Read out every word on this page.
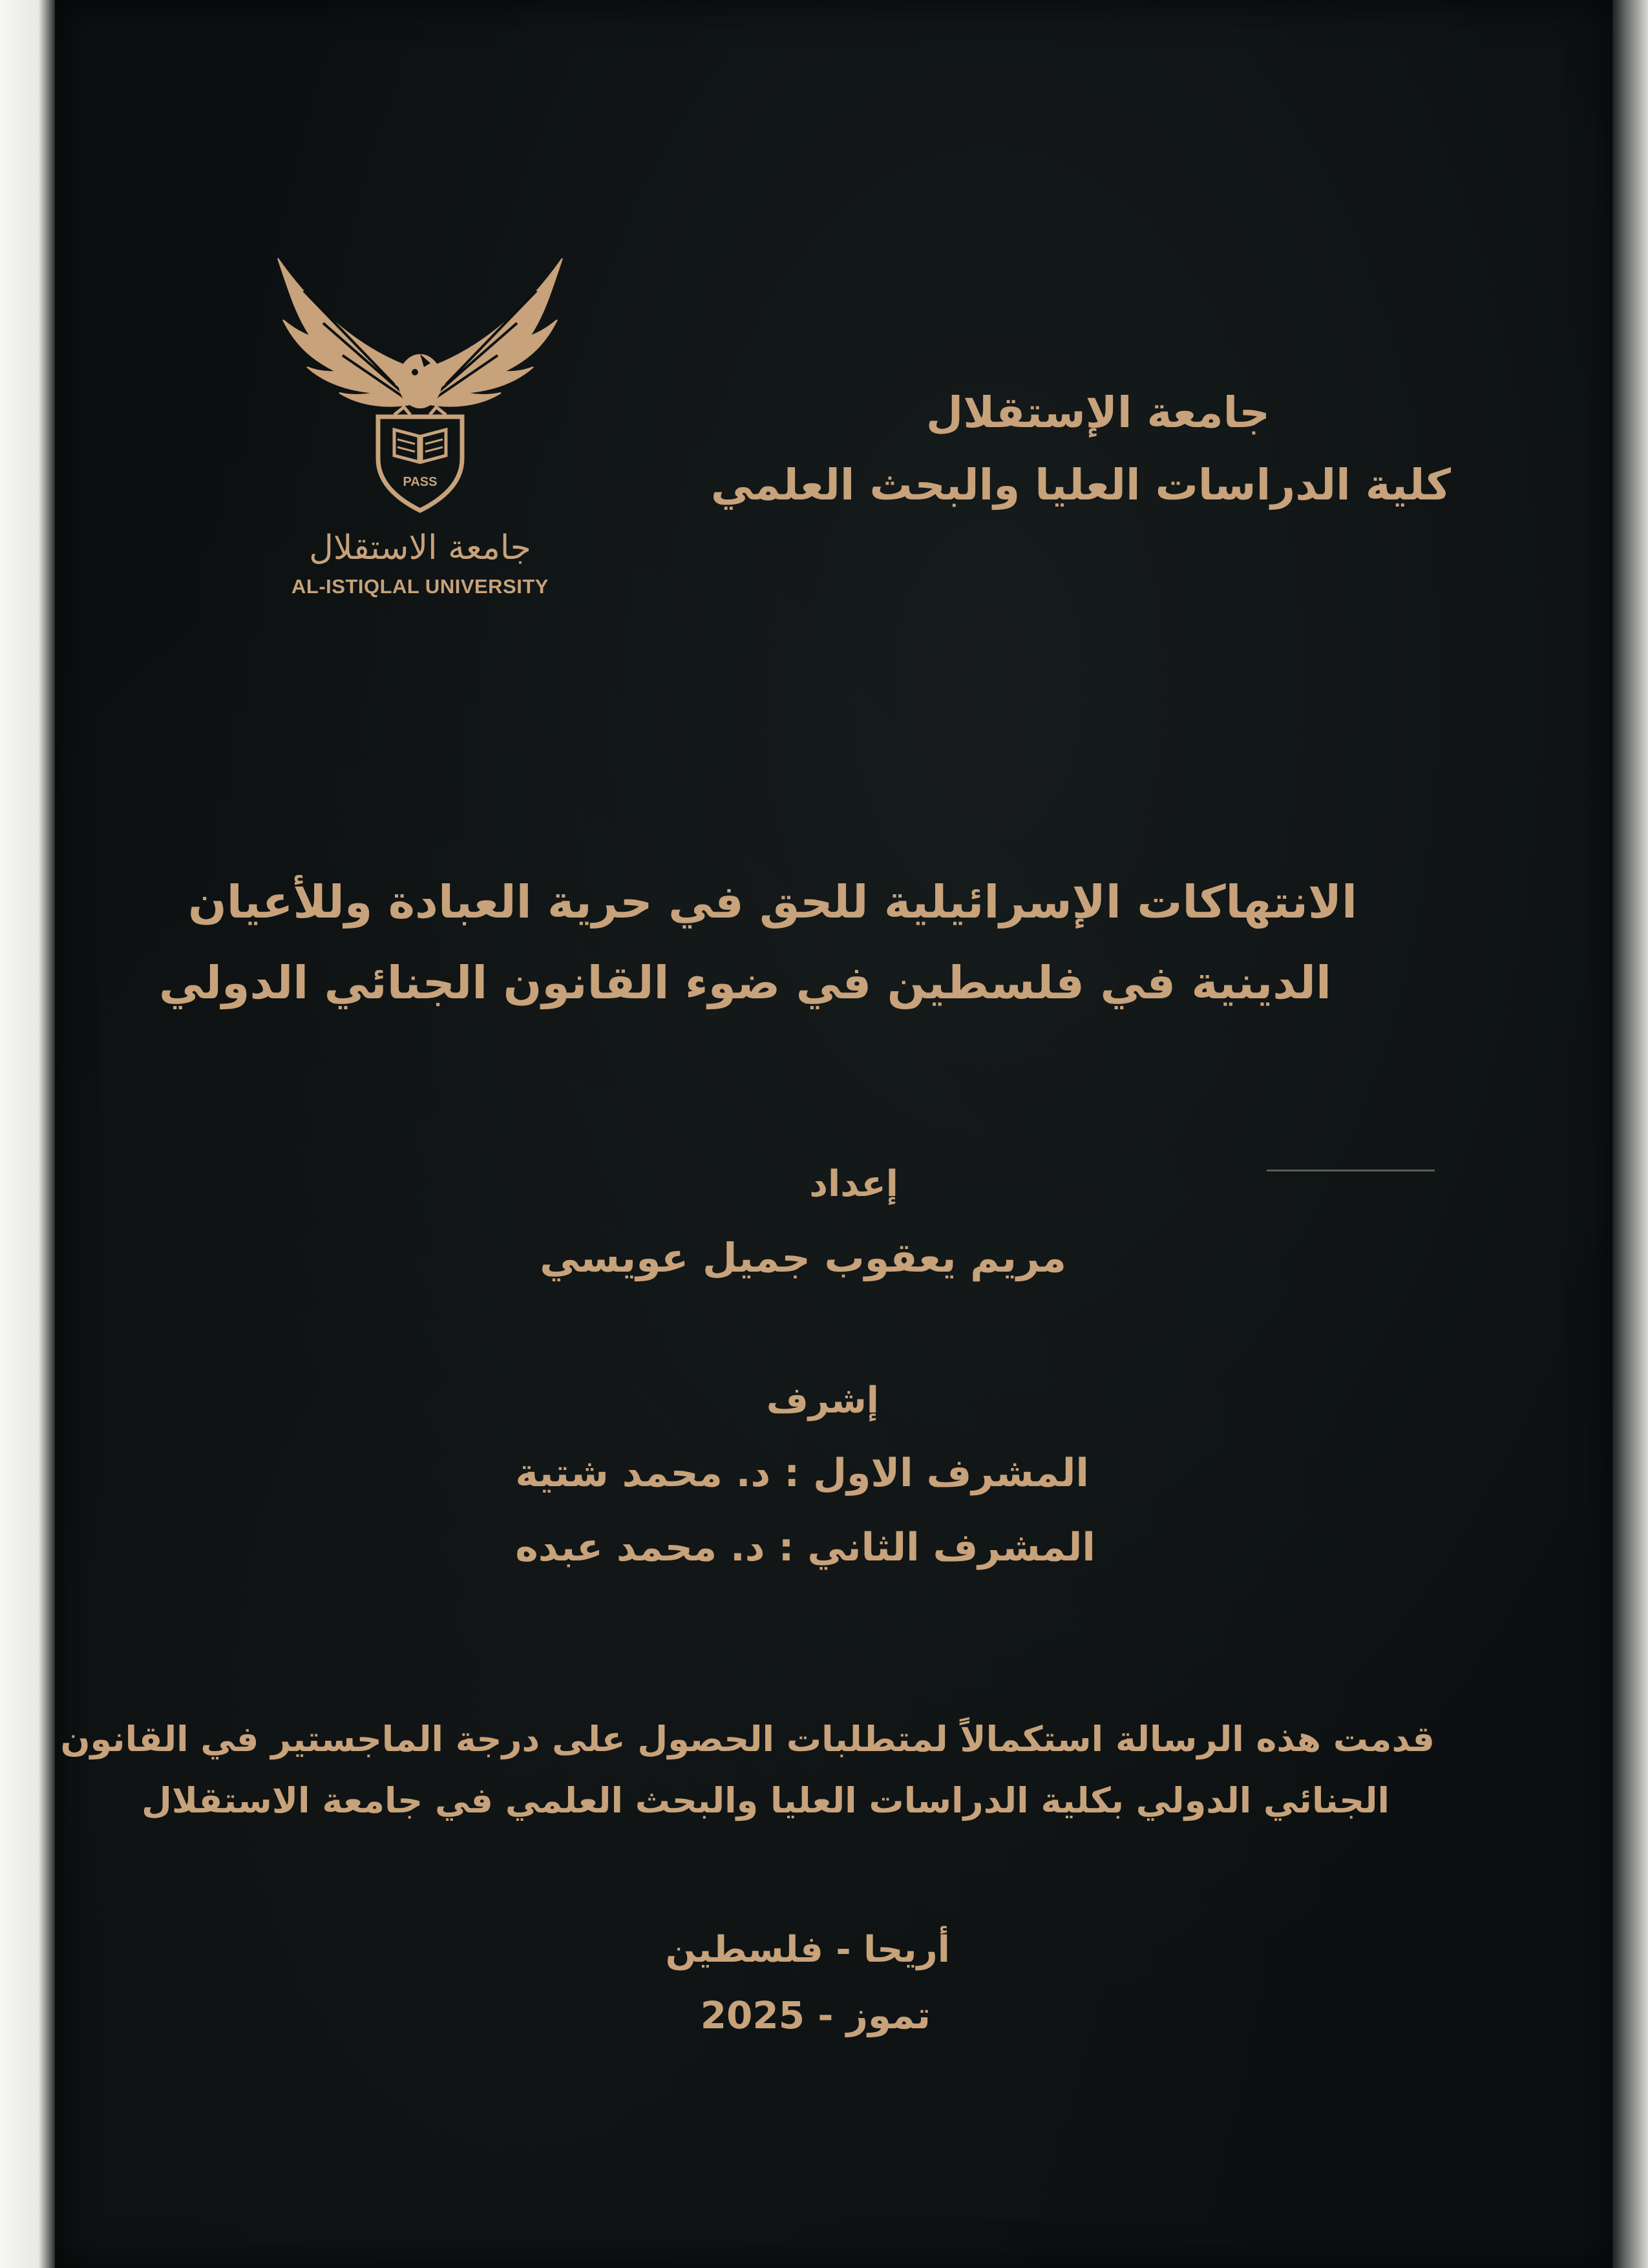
PASS
جامعة الاستقلال
AL-ISTIQLAL UNIVERSITY
جامعة الإستقلال
كلية الدراسات العليا والبحث العلمي
الانتهاكات الإسرائيلية للحق في حرية العبادة وللأعيان
الدينية في فلسطين في ضوء القانون الجنائي الدولي
إعداد
مريم يعقوب جميل عويسي
إشرف
المشرف الاول : د. محمد شتية
المشرف الثاني : د. محمد عبده
قدمت هذه الرسالة استكمالاً لمتطلبات الحصول على درجة الماجستير في القانون
الجنائي الدولي بكلية الدراسات العليا والبحث العلمي في جامعة الاستقلال
أريحا - فلسطين
تموز - 2025
